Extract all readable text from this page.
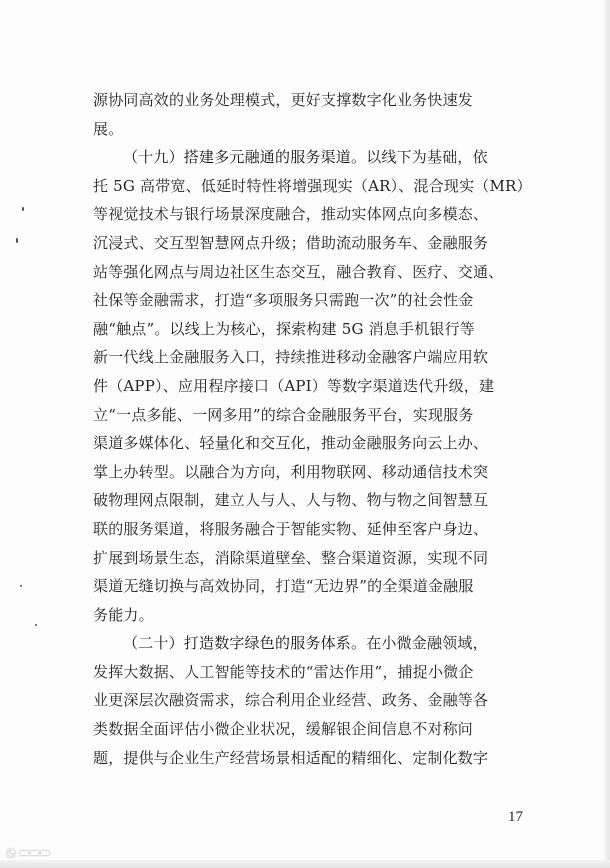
源协同高效的业务处理模式，更好支撑数字化业务快速发
展。

（十九）搭建多元融通的服务渠道。以线下为基础，依
托 5G 高带宽、低延时特性将增强现实（AR）、混合现实（MR）
等视觉技术与银行场景深度融合，推动实体网点向多模态、
沉浸式、交互型智慧网点升级；借助流动服务车、金融服务
站等强化网点与周边社区生态交互，融合教育、医疗、交通、
社保等金融需求，打造“多项服务只需跑一次”的社会性金
融“触点”。以线上为核心，探索构建 5G 消息手机银行等
新一代线上金融服务入口，持续推进移动金融客户端应用软
件（APP）、应用程序接口（API）等数字渠道迭代升级，建
立“一点多能、一网多用”的综合金融服务平台，实现服务
渠道多媒体化、轻量化和交互化，推动金融服务向云上办、
掌上办转型。以融合为方向，利用物联网、移动通信技术突
破物理网点限制，建立人与人、人与物、物与物之间智慧互
联的服务渠道，将服务融合于智能实物、延伸至客户身边、
扩展到场景生态，消除渠道壁垒、整合渠道资源，实现不同
渠道无缝切换与高效协同，打造“无边界”的全渠道金融服
务能力。

（二十）打造数字绿色的服务体系。在小微金融领域，
发挥大数据、人工智能等技术的“雷达作用”，捕捉小微企
业更深层次融资需求，综合利用企业经营、政务、金融等各
类数据全面评估小微企业状况，缓解银企间信息不对称问
题，提供与企业生产经营场景相适配的精细化、定制化数字

17
◔ ▬▬▬
